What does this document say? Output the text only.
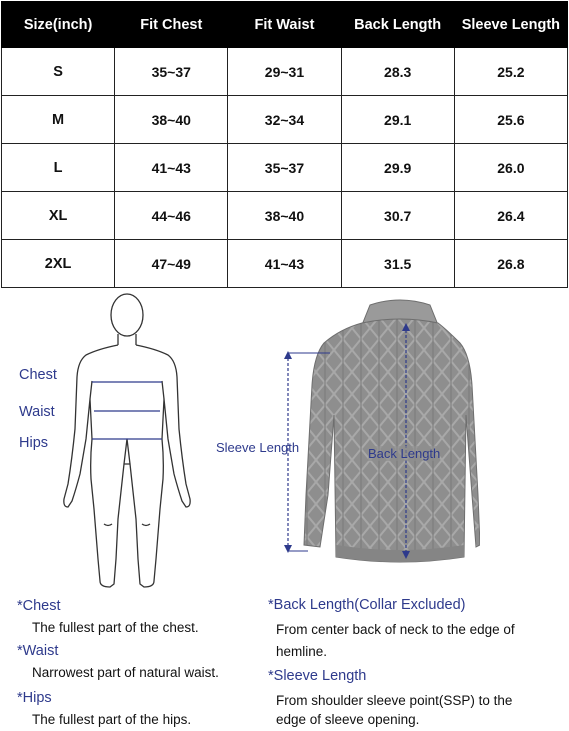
Size(inch)	Fit Chest	Fit Waist	Back Length	Sleeve Length
S	35~37	29~31	28.3	25.2
M	38~40	32~34	29.1	25.6
L	41~43	35~37	29.9	26.0
XL	44~46	38~40	30.7	26.4
2XL	47~49	41~43	31.5	26.8
Chest
Waist
Hips	Sleeve Length	Back Length
*Chest
The fullest part of the chest.
*Waist
Narrowest part of natural waist.
*Hips
The fullest part of the hips.
*Back Length(Collar Excluded)
From center back of neck to the edge of
hemline.
*Sleeve Length
From shoulder sleeve point(SSP) to the
edge of sleeve opening.
